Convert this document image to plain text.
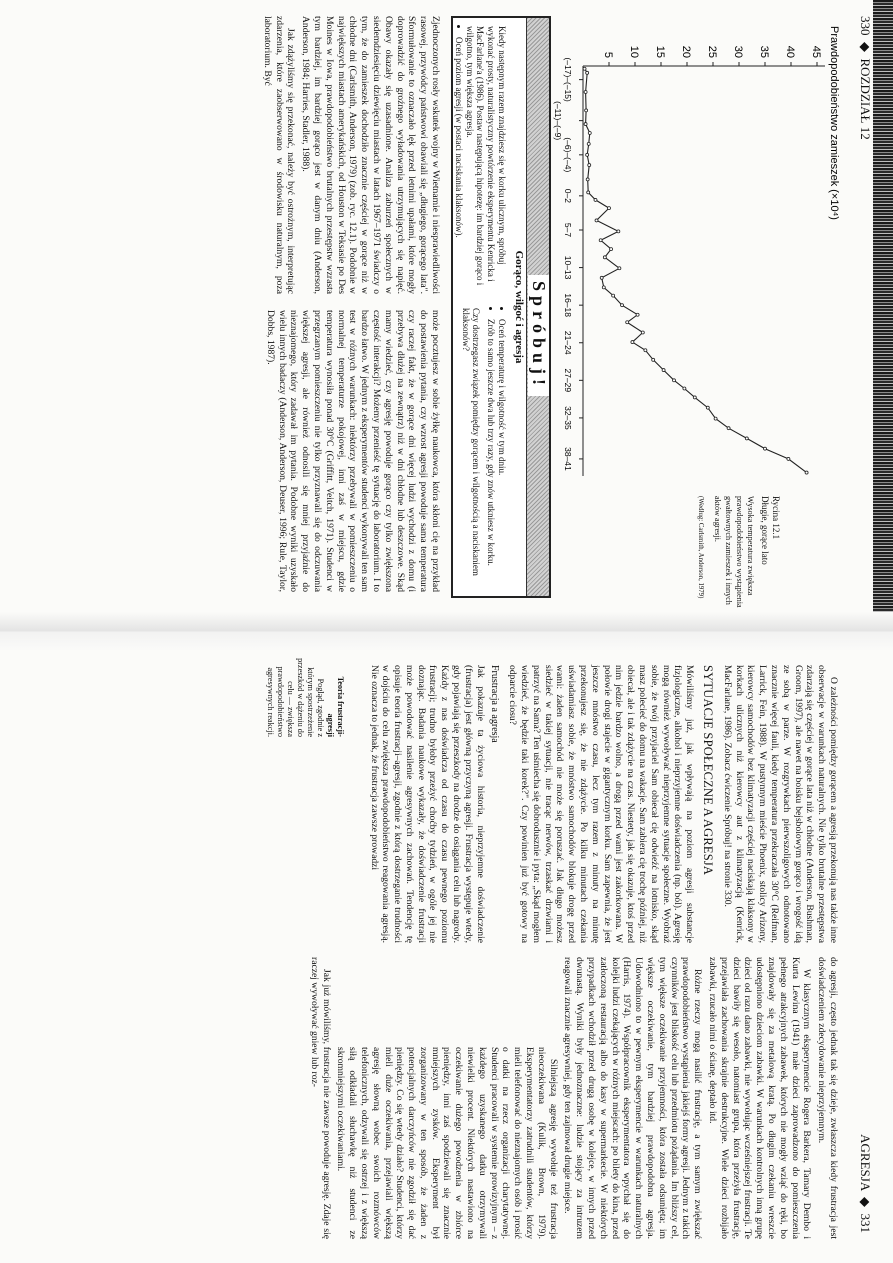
330  ◆  ROZDZIAŁ 12
5 10 15 20 25 30 35 40 45 Prawdopodobieństwo zamieszek (×10⁴)
(–17)–(–15)
(–11)–(–9)
(–6)–(–4)
0–2
5–7
10–13
16–18
21–24
27–29
32–35
38–41
Rycina 12.1
Długie, gorące lato
Wysoka temperatura zwiększa prawdopodobieństwo wystąpienia gwałtownych zamieszek i innych aktów agresji.
(Według: Carlsmith, Anderson, 1979)
Spróbuj!
Gorąco, wilgoć i agresja
Kiedy następnym razem znajdziesz się w korku ulicznym, spróbuj wykonać prosty, naturalistyczny powtórzenie eksperymentu Kenricka i MacFarlane'a (1986). Postaw następującą hipotezę: im bardziej gorąco i wilgotno, tym większa agresja.
• Oceń poziom agresji (w postaci naciskania klaksonów).
• Oceń temperaturę i wilgotność w tym dniu.
• Zrób to samo jeszcze dwa lub trzy razy, gdy znów utkniesz w korku.
Czy dostrzegasz związek pomiędzy gorącem i wilgotnością a naciskaniem klaksonów?

Zjednoczonych rosły wskutek wojny w Wietnamie i niesprawiedliwości rasowej, przywódcy państwowi obawiali się „długiego, gorącego lata". Sformułowanie to oznaczało lęk przed letnimi upałami, które mogły doprowadzić do groźnego wyładowania utrzymujących się napięć. Obawy okazały się uzasadnione. Analiza zaburzeń społecznych w siedemdziesięciu dziewięciu miastach w latach 1967–1971 świadczy o tym, że do zamieszek dochodziło znacznie częściej w gorące niż w chłodne dni (Carlsmith, Anderson, 1979) (zob. ryc. 12.1). Podobnie w największych miastach amerykańskich, od Houston w Teksasie po Des Moines w Iowa, prawdopodobieństwo brutalnych przestępstw wzrasta tym bardziej, im bardziej gorąco jest w danym dniu (Anderson, Anderson, 1984; Harries, Stadler, 1988).

Jak zdążyliśmy się przekonać, należy być ostrożnym, interpretując zdarzenia, które zaobserwowano w środowisku naturalnym, poza laboratorium. Być

może pocztujesz w sobie żyłkę naukowca, która skłoni cię na przykład do postawienia pytania, czy wzrost agresji powoduje sama temperatura czy raczej fakt, że w gorące dni więcej ludzi wychodzi z domu (i przebywa dłużej na zewnątrz) niż w dni chłodne lub deszczowe. Skąd mamy wiedzieć, czy agresję powoduje gorąco czy tylko zwiększona częstość interakcji? Możemy przenieść tę sytuację do laboratorium. I to bardzo łatwo. W jednym z eksperymentów studenci wykonywali ten sam test w różnych warunkach: niektórzy przebywali w pomieszczeniu o normalnej temperaturze pokojowej, inni zaś w miejscu, gdzie temperatura wynosiła ponad 30°C (Griffitt, Veitch, 1971). Studenci w przegrzanym pomieszczeniu nie tylko przyznawali się do odczuwania większej agresji, ale również odnosili się mniej przyjaźnie do nieznajomego, który zadawał im pytania. Podobne wyniki uzyskało wielu innych badaczy (Anderson, Anderson, Deuser, 1996; Rule, Taylor, Dobbs, 1987).

AGRESJA  ◆  331

O zależności pomiędzy gorącem a agresją przekonują nas także inne obserwacje w warunkach naturalnych. Nie tylko brutalne przestępstwa zdarzają się częściej w gorące lata niż w chłodne (Anderson, Bushman, Groom, 1997), ale nawet na boisku bejsbolowym gorąco i wrogość idą ze sobą w parze. W rozgrywkach pierwszoligowych odnotowano znacznie więcej fauli, kiedy temperatura przekraczała 30°C (Reifman, Larrick, Fein, 1988). W pustynnym mieście Phoenix, stolicy Arizony, kierowcy samochodów bez klimatyzacji częściej naciskają klaksony w korkach ulicznych niż kierowcy aut z klimatyzacją (Kenrick, MacFarlane, 1986). Zobacz ćwiczenie Spróbuj! na stronie 330.

SYTUACJE SPOŁECZNE A AGRESJA

Mówiliśmy już, jak wpływają na poziom agresji substancje fizjologiczne, alkohol i nieprzyjemne doświadczenia (np. ból). Agresję mogą również wywoływać nieprzyjemne sytuacje społeczne. Wyobraź sobie, że twój przyjaciel Sam obiecał cię odwieźć na lotnisko, skąd masz polecieć do domu na wakacje. Sam zabiera cię trochę później, niż obiecał, ale i tak zdążycie na czas. Niestety, jak się okazuje, ktoś przed nim jedzie bardzo wolno, a drogą przed wami jest zakorkowana. W połowie drogi stajecie w gigantycznym korku. Sam zapewnia, że jest jeszcze mnóstwo czasu, lecz tym razem z minuty na minutę przekonujesz się, że nie zdążycie. Po kilku minutach czekania uświadamiasz sobie, że mnóstwo samochodów blokuje drogę przed wami: żaden samochód nie może się poruszać. Jak długo możesz siedzieć w takiej sytuacji, nie tracąc nerwów, trzaskać drzwiami i patrzyć na Sama? Ten uśmiecha się dobrodusznie i pyta: „Skąd mogłem wiedzieć, że będzie taki korek?". Czy powinien już być gotowy na odparcie ciosu?

Frustracja a agresja

Jak pokazuje ta życiowa historia, nieprzyjemne doświadczenie (frustracja) jest główną przyczyną agresji. Frustracja występuje wtedy, gdy pojawiają się przeszkody na drodze do osiągania celu lub nagrody. Każdy z nas doświadcza od czasu do czasu pewnego poziomu frustracji; trudno byłoby przeżyć choćby tydzień, w ogóle jej nie doznając. Badania naukowe wykazały, że doświadczenie frustracji może powodować nasilenie agresywnych zachowań. Tendencję tę opisuje teoria frustracji–agresji, zgodnie z którą dostrzeganie trudności w dojściu do celu zwiększa prawdopodobieństwo reagowania agresją. Nie oznacza to jednak, że frustracja zawsze prowadzi

do agresji, często jednak tak się dzieje, zwłaszcza kiedy frustracja jest doświadczeniem zdecydowanie nieprzyjemnym.

W klasycznym eksperymencie Rogera Barkera, Tamary Dembo i Kurta Lewina (1941) małe dzieci zaprowadzono do pomieszczenia pełnego atrakcyjnych zabawek, których nie mogły wziąć do ręki, bo znajdowały się za metalową kratą. Po długim czekaniu wreszcie udostępniono dzieciom zabawki. W warunkach kontrolnych inną grupę dzieci od razu dano zabawki, nie wywołując wcześniejszej frustracji. Te dzieci bawiły się wesoło, natomiast grupa, która przeżyła frustrację, przejawiała zachowania skrajnie destrukcyjne. Wiele dzieci rozbijało zabawki, rzucało nimi o ścianę, deptało itd.

Różne rzeczy mogą nasilić frustrację, a tym samym zwiększać prawdopodobieństwo wystąpienia jakiejś formy agresji. Jednym z takich czynników jest bliskość celu lub przedmiotu pożądania. Im bliższy cel, tym większe oczekiwanie przyjemności, która została odsunięta; im większe oczekiwanie, tym bardziej prawdopodobna agresja. Udowodniono to w pewnym eksperymencie w warunkach naturalnych (Harris, 1974). Współpracownik eksperymentatora wpychał się do kolejki ludzi czekających w różnych miejscach: po bilety do kina, przed zatłoczoną restauracją albo do kasy w supermarkecie. W niektórych przypadkach wchodził przed drugą osobę w kolejce, w innych przed dwunastą. Wyniki były jednoznaczne: ludzie stojący za intruzem reagowali znacznie agresywniej, gdy ten zajmował drugie miejsce.

Silniejszą agresję wywołuje też frustracja nieoczekiwana (Kulik, Brown, 1979). Eksperymentatorzy zatrudnili studentów, którzy mieli telefonować do nieznajomych osób i prosić o datki na rzecz organizacji charytatywnej. Studenci pracowali w systemie prowizyjnym – z każdego uzyskanego datku otrzymywali niewielki procent. Niektórych nastawiono na oczekiwanie dużego powodzenia w zbiórce pieniędzy, inni zaś spodziewali się znacznie mniejszych zysków. Eksperyment był zorganizowany w ten sposób, że żaden z potencjalnych darczyńców nie zgodził się dać pieniędzy. Co się wtedy działo? Studenci, którzy mieli duże oczekiwania, przejawiali większą agresję słowną wobec swoich rozmówców telefonicznych, odzywali się ostrzej i z większą siłą odkładali słuchawkę niż studenci ze skromniejszymi oczekiwaniami.

Jak już mówiliśmy, frustracja nie zawsze powoduje agresję. Zdaje się raczej wywoływać gniew lub roz-

Teoria frustracji-agresji
Pogląd, zgodnie z którym spostrzeżenie przeszkód w dążeniu do celu — zwiększa prawdopodobieństwo agresywnych reakcji.
